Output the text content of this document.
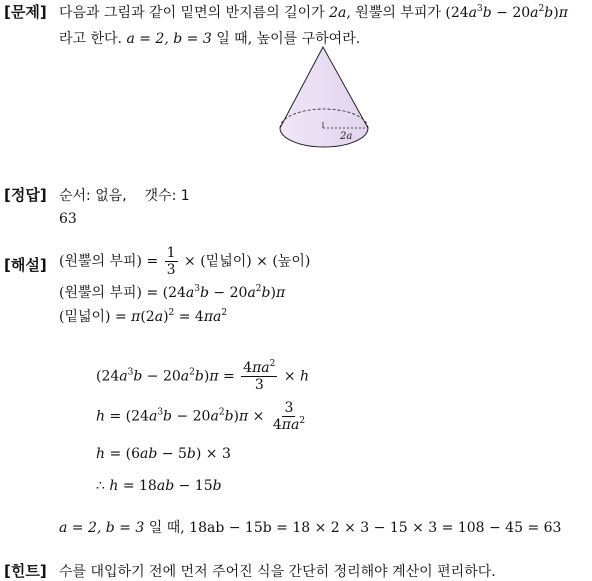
[문제] 다음과 그림과 같이 밑면의 반지름의 길이가 2a, 원뿔의 부피가 $(24a^3b - 20a^2b)\pi$
라고 한다. a = 2, b = 3 일 때, 높이를 구하여라.
2a
[정답] 순서: 없음, 갯수: 1
63
[해설] (원뿔의 부피) = $\frac{1}{3}$ × (밑넓이) × (높이)
(원뿔의 부피) = $(24a^3b - 20a^2b)\pi$
(밑넓이) = $\pi(2a)^2 = 4\pi a^2$
$(24a^3b - 20a^2b)\pi = \frac{4\pi a^2}{3} \times h$
$h = (24a^3b - 20a^2b)\pi \times \frac{3}{4\pi a^2}$
h = (6ab − 5b) × 3
∴ h = 18ab − 15b
a = 2, b = 3 일 때, 18ab − 15b = 18 × 2 × 3 − 15 × 3 = 108 − 45 = 63
[힌트] 수를 대입하기 전에 먼저 주어진 식을 간단히 정리해야 계산이 편리하다.
